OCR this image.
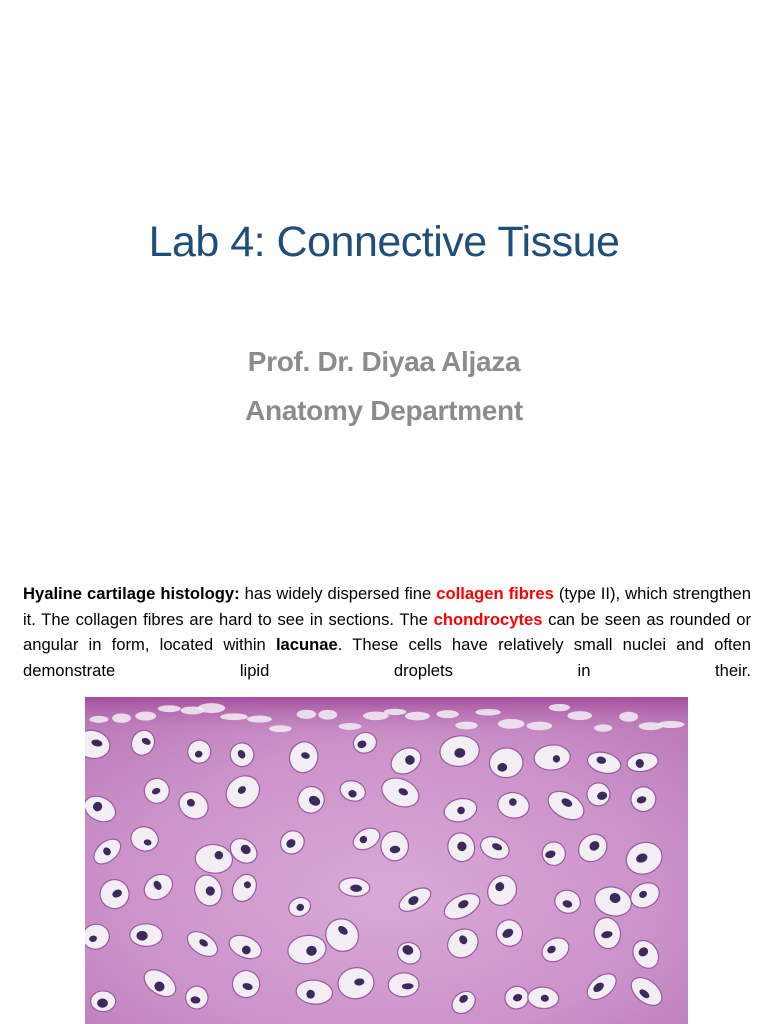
Lab 4: Connective Tissue
Prof. Dr. Diyaa Aljaza
Anatomy Department

Hyaline cartilage histology: has widely dispersed fine collagen fibres (type II), which strengthen it. The collagen fibres are hard to see in sections. The chondrocytes can be seen as rounded or angular in form, located within lacunae. These cells have relatively small nuclei and often demonstrate lipid droplets in their.
